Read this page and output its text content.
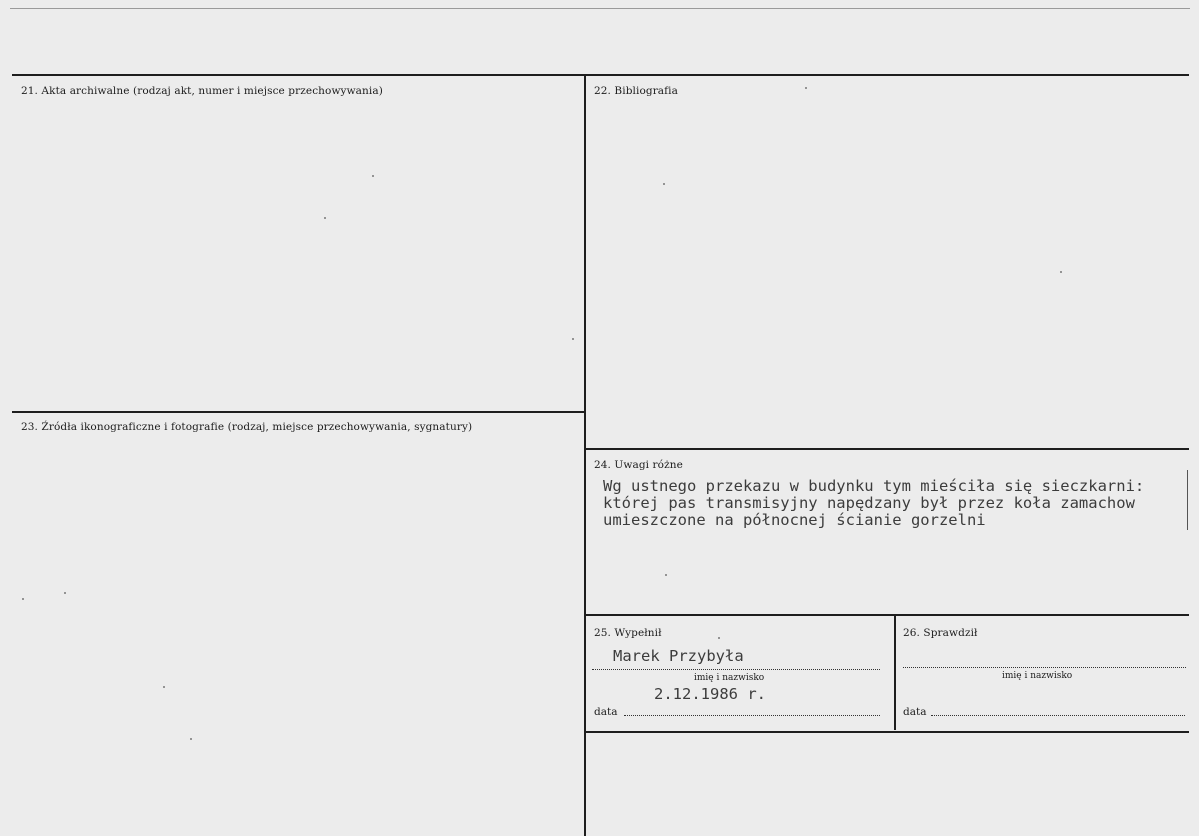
21. Akta archiwalne (rodzaj akt, numer i miejsce przechowywania)	22. Bibliografia
23. Źródła ikonograficzne i fotografie (rodzaj, miejsce przechowywania, sygnatury)
24. Uwagi różne
Wg ustnego przekazu w budynku tym mieściła się sieczkarni:
której pas transmisyjny napędzany był przez koła zamachow
umieszczone na północnej ścianie gorzelni
25. Wypełnił
Marek Przybyła
imię i nazwisko
2.12.1986 r.
data
26. Sprawdził
imię i nazwisko
data
